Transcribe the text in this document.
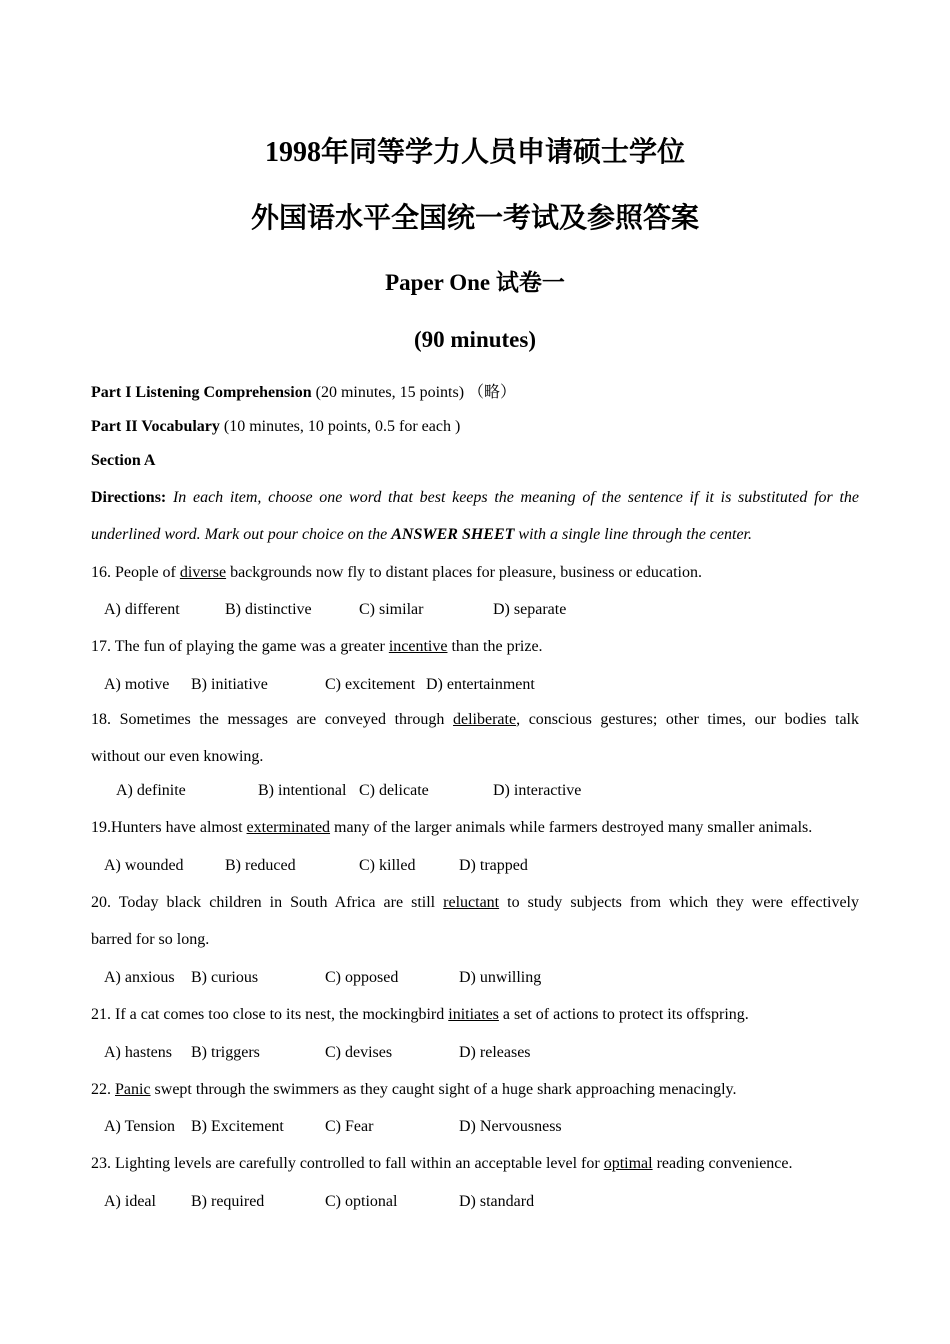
1998年同等学力人员申请硕士学位
外国语水平全国统一考试及参照答案
Paper One 试卷一
(90 minutes)
Part I Listening Comprehension (20 minutes, 15 points) （略）
Part II Vocabulary (10 minutes, 10 points, 0.5 for each )
Section A
Directions: In each item, choose one word that best keeps the meaning of the sentence if it is substituted for the
underlined word. Mark out pour choice on the ANSWER SHEET with a single line through the center.
16. People of diverse backgrounds now fly to distant places for pleasure, business or education.
A) different	B) distinctive	C) similar	D) separate
17. The fun of playing the game was a greater incentive than the prize.
A) motive B) initiative	C) excitement D) entertainment
18. Sometimes the messages are conveyed through deliberate, conscious gestures; other times, our bodies talk
without our even knowing.
A) definite	B) intentional C) delicate	D) interactive
19.Hunters have almost exterminated many of the larger animals while farmers destroyed many smaller animals.
A) wounded	B) reduced	C) killed	D) trapped
20. Today black children in South Africa are still reluctant to study subjects from which they were effectively
barred for so long.
A) anxious B) curious	C) opposed	D) unwilling
21. If a cat comes too close to its nest, the mockingbird initiates a set of actions to protect its offspring.
A) hastens B) triggers	C) devises	D) releases
22. Panic swept through the swimmers as they caught sight of a huge shark approaching menacingly.
A) Tension B) Excitement	C) Fear	D) Nervousness
23. Lighting levels are carefully controlled to fall within an acceptable level for optimal reading convenience.
A) ideal B) required	C) optional	D) standard
